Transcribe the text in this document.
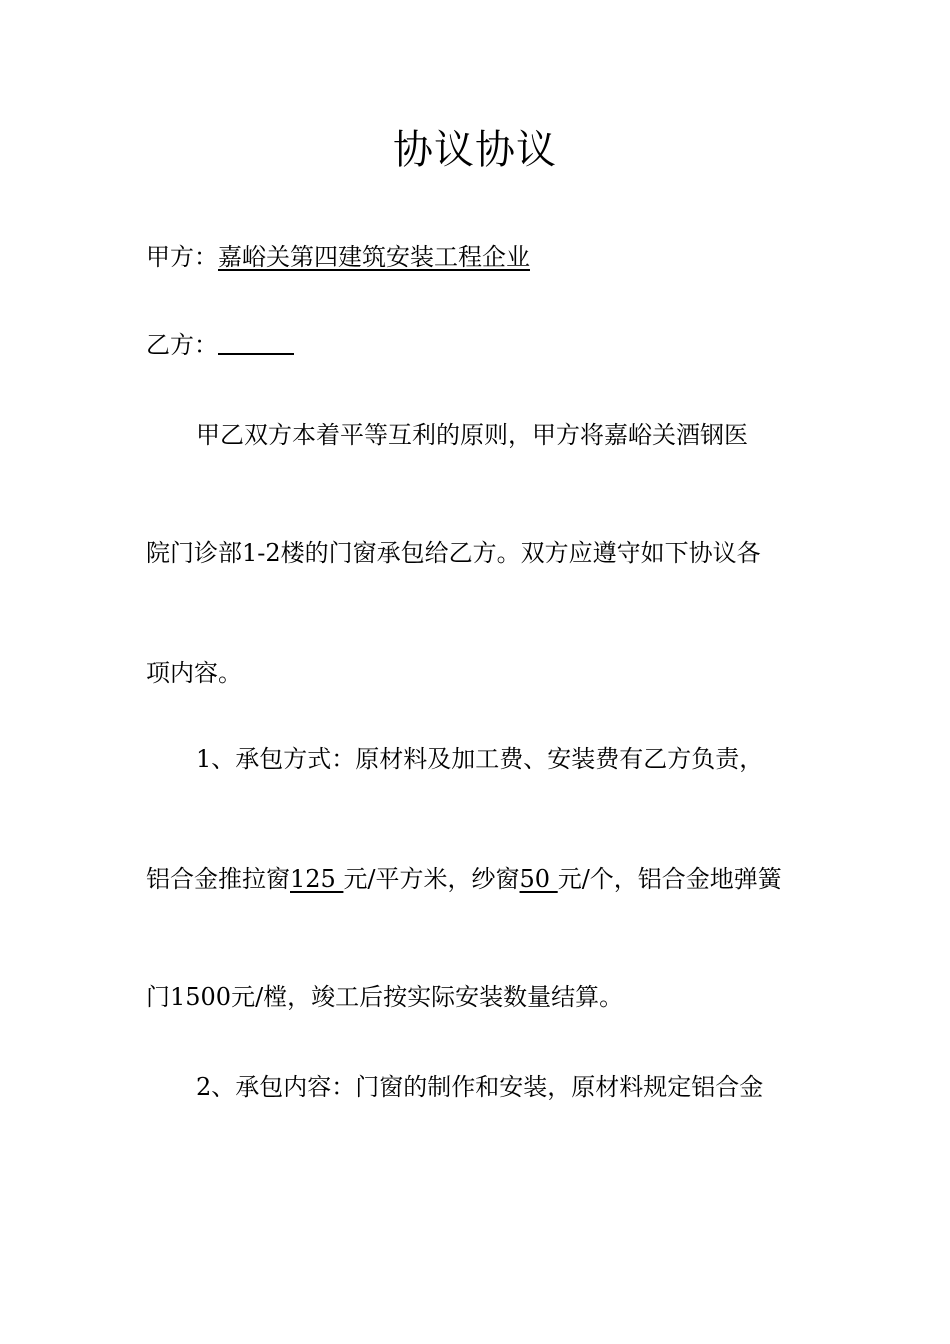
协议协议
甲方：嘉峪关第四建筑安装工程企业
乙方：
甲乙双方本着平等互利的原则，甲方将嘉峪关酒钢医
院门诊部1-2楼的门窗承包给乙方。双方应遵守如下协议各
项内容。
1、承包方式：原材料及加工费、安装费有乙方负责，
铝合金推拉窗125 元/平方米，纱窗50 元/个，铝合金地弹簧
门1500元/樘，竣工后按实际安装数量结算。
2、承包内容：门窗的制作和安装，原材料规定铝合金
